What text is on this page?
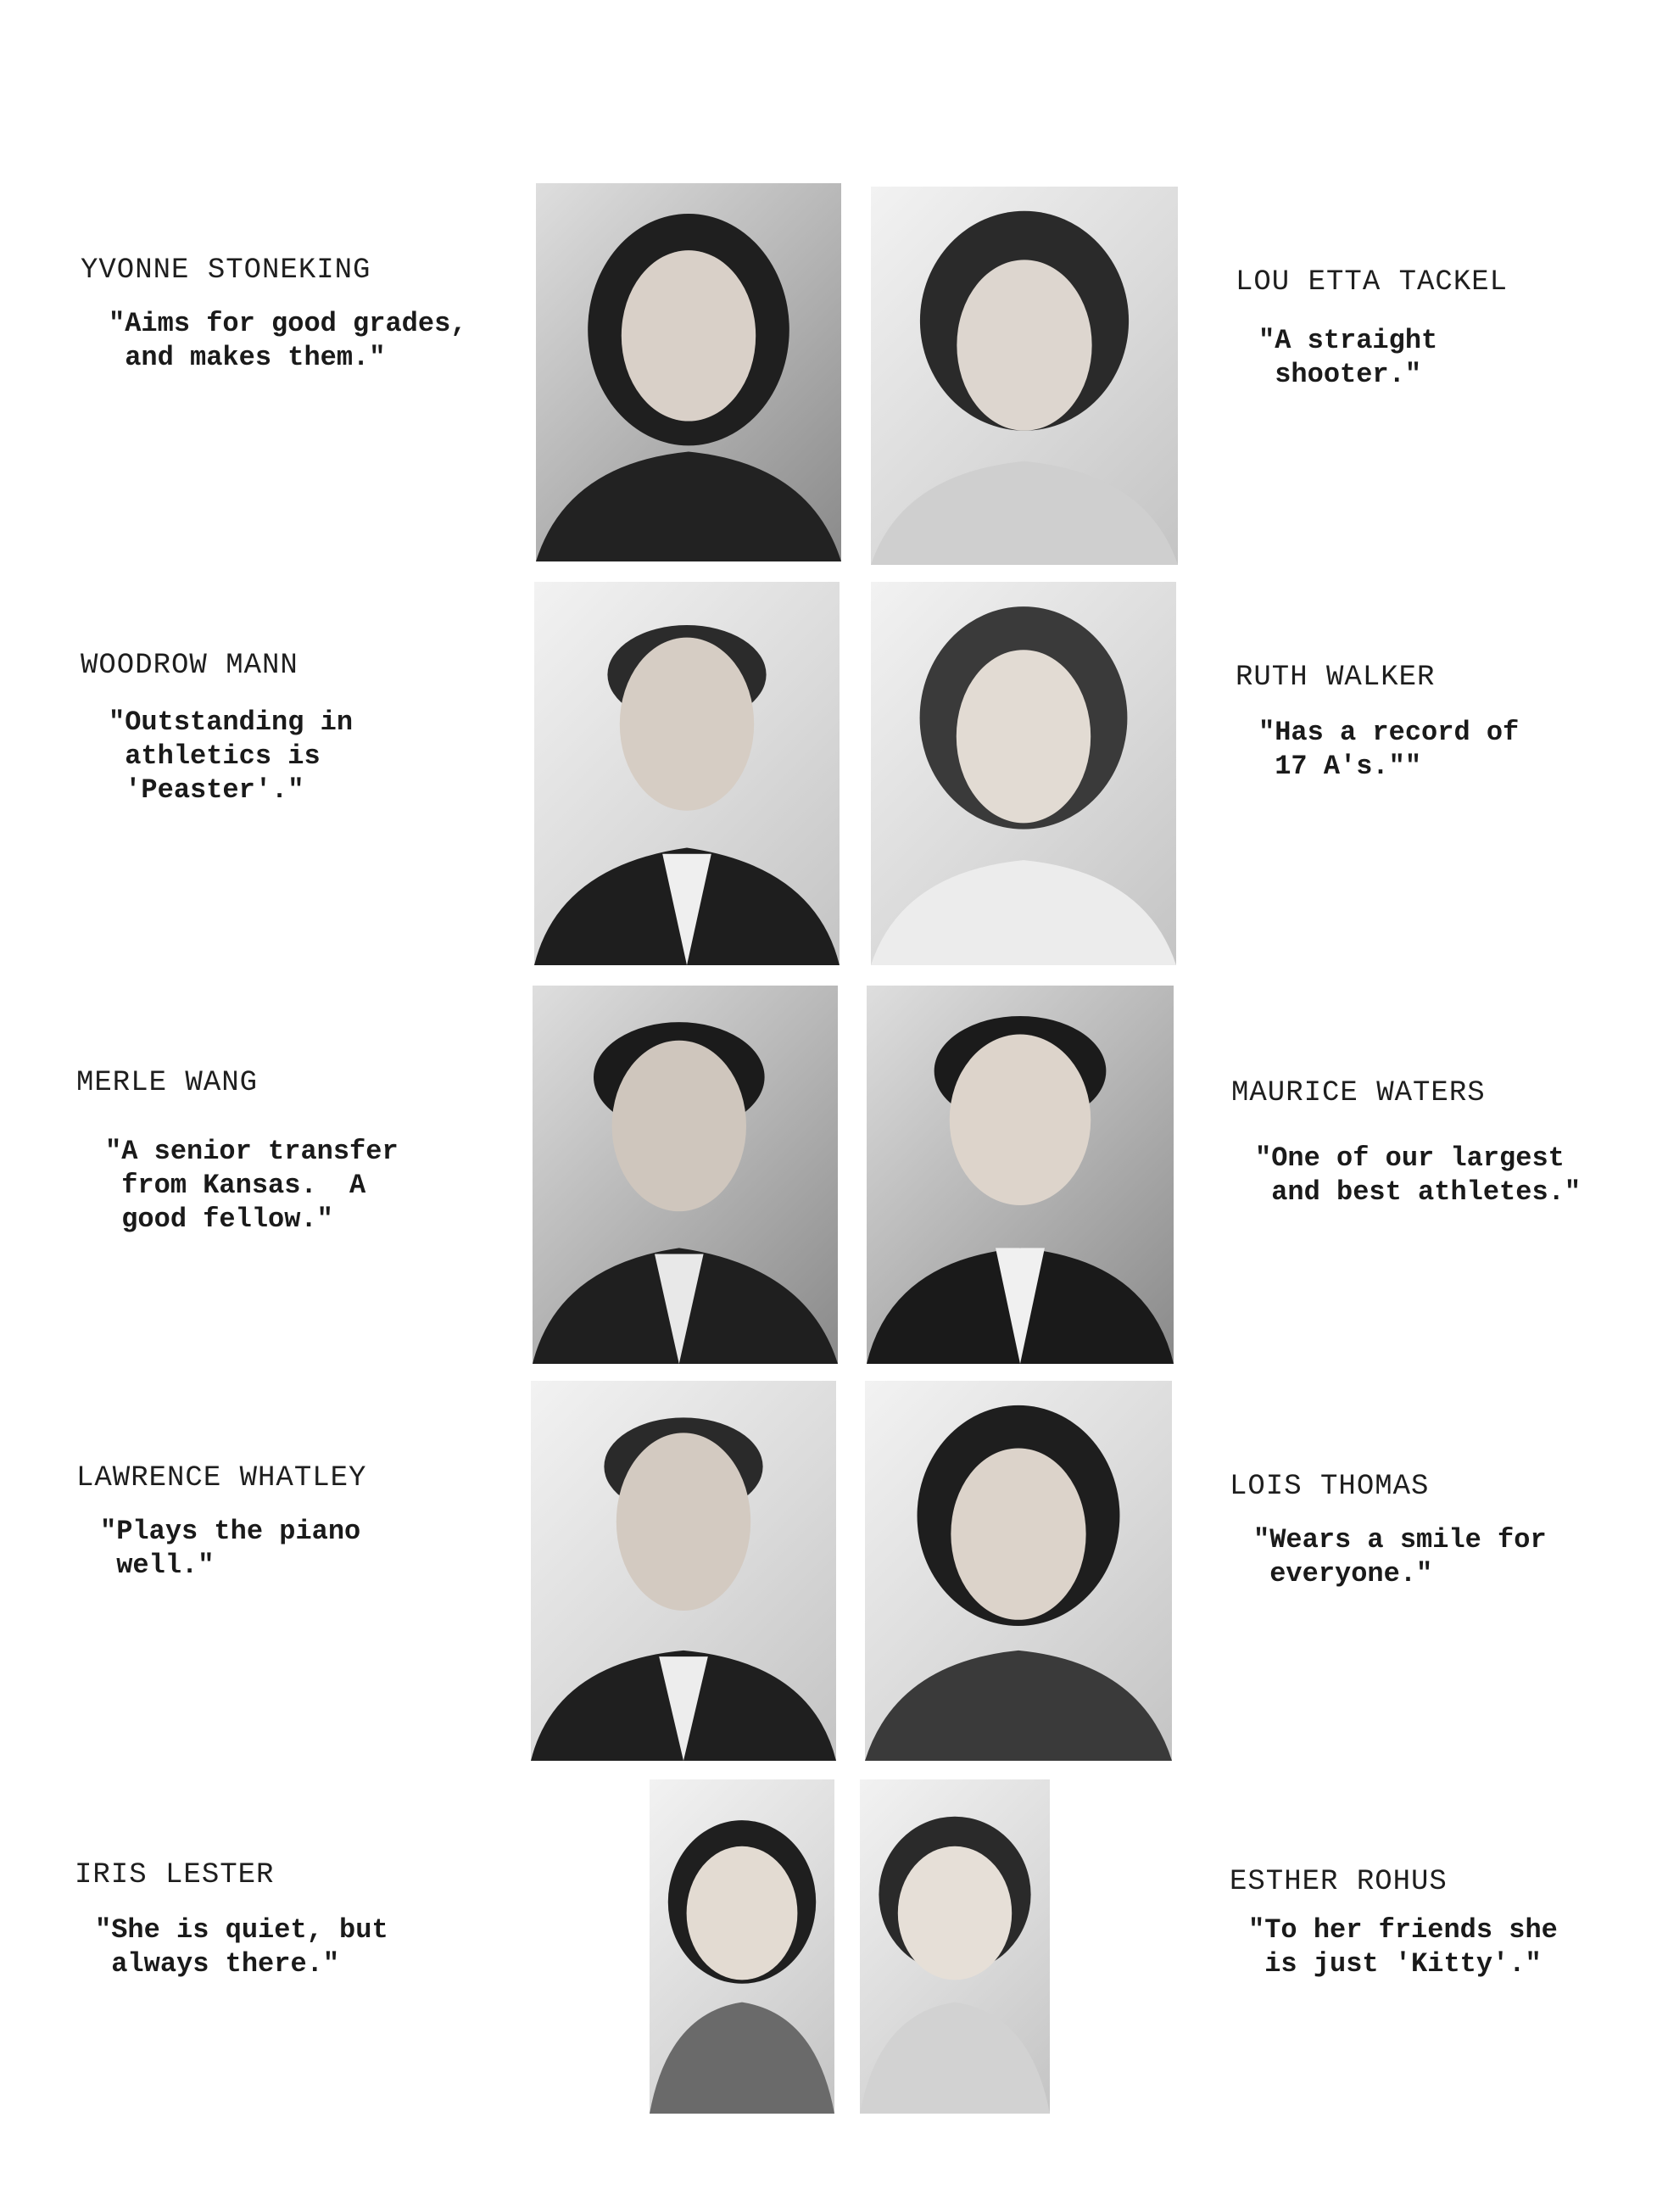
YVONNE STONEKING
"Aims for good grades,
and makes them."
LOU ETTA TACKEL
"A straight
shooter."
WOODROW MANN
"Outstanding in
athletics is
'Peaster'."
RUTH WALKER
"Has a record of
17 A's.""
MERLE WANG
"A senior transfer
from Kansas.  A
good fellow."
MAURICE WATERS
"One of our largest
and best athletes."
LAWRENCE WHATLEY
"Plays the piano
well."
LOIS THOMAS
"Wears a smile for
everyone."
IRIS LESTER
"She is quiet, but
always there."
ESTHER ROHUS
"To her friends she
is just 'Kitty'."
